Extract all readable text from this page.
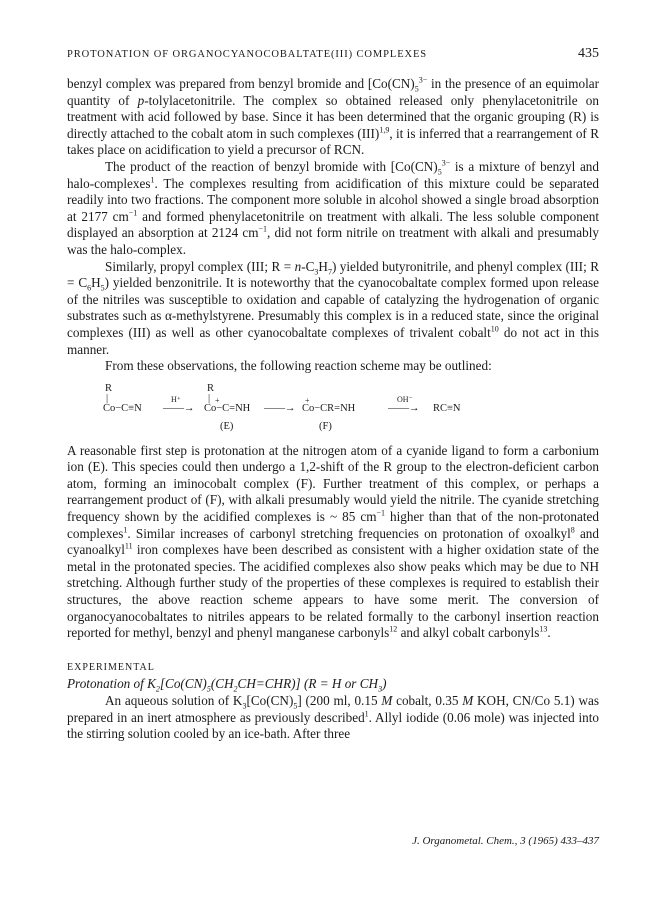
PROTONATION OF ORGANOCYANOCOBALTATE(III) COMPLEXES	435

benzyl complex was prepared from benzyl bromide and [$Co(CN)_5^{3-}$ in the presence of an equimolar quantity of p-tolylacetonitrile. The complex so obtained released only phenylacetonitrile on treatment with acid followed by base. Since it has been determined that the organic grouping (R) is directly attached to the cobalt atom in such complexes (III)$^{1,9}$, it is inferred that a rearrangement of R takes place on acidification to yield a precursor of RCN.

The product of the reaction of benzyl bromide with [$Co(CN)_5^{3-}$ is a mixture of benzyl and halo-complexes$^1$. The complexes resulting from acidification of this mixture could be separated readily into two fractions. The component more soluble in alcohol showed a single broad absorption at 2177 $cm^{-1}$ and formed phenylacetonitrile on treatment with alkali. The less soluble component displayed an absorption at 2124 $cm^{-1}$, did not form nitrile on treatment with alkali and presumably was the halo-complex.

Similarly, propyl complex (III; $R = n-C_3H_7$) yielded butyronitrile, and phenyl complex (III; $R = C_6H_5$) yielded benzonitrile. It is noteworthy that the cyanocobaltate complex formed upon release of the nitriles was susceptible to oxidation and capable of catalyzing the hydrogenation of organic substrates such as α-methylstyrene. Presumably this complex is in a reduced state, since the original complexes (III) as well as other cyanocobaltate complexes of trivalent cobalt$^{10}$ do not act in this manner.

From these observations, the following reaction scheme may be outlined:

R
|
Co−C≡N
H⁺
——→
R
| +
Co−C=NH ——→
+
Co−CR=NH
OH⁻
——→ RC≡N
(E)	(F)

A reasonable first step is protonation at the nitrogen atom of a cyanide ligand to form a carbonium ion (E). This species could then undergo a 1,2-shift of the R group to the electron-deficient carbon atom, forming an iminocobalt complex (F). Further treatment of this complex, or perhaps a rearrangement product of (F), with alkali presumably would yield the nitrile. The cyanide stretching frequency shown by the acidified complexes is ~ 85 $cm^{-1}$ higher than that of the non-protonated complexes$^1$. Similar increases of carbonyl stretching frequencies on protonation of oxoalkyl$^8$ and cyanoalkyl$^{11}$ iron complexes have been described as consistent with a higher oxidation state of the metal in the protonated species. The acidified complexes also show peaks which may be due to NH stretching. Although further study of the properties of these complexes is required to establish their structures, the above reaction scheme appears to have some merit. The conversion of organocyanocobaltates to nitriles appears to be related formally to the carbonyl insertion reaction reported for methyl, benzyl and phenyl manganese carbonyls$^{12}$ and alkyl cobalt carbonyls$^{13}$.

EXPERIMENTAL

Protonation of $K_2[Co(CN)_5(CH_2CH=CHR)] (R = H$ or $CH_3$)

An aqueous solution of $K_3[Co(CN)_5]$ (200 ml, 0.15 M cobalt, 0.35 M KOH, CN/Co 5.1) was prepared in an inert atmosphere as previously described$^1$. Allyl iodide (0.06 mole) was injected into the stirring solution cooled by an ice-bath. After three

J. Organometal. Chem., 3 (1965) 433–437
